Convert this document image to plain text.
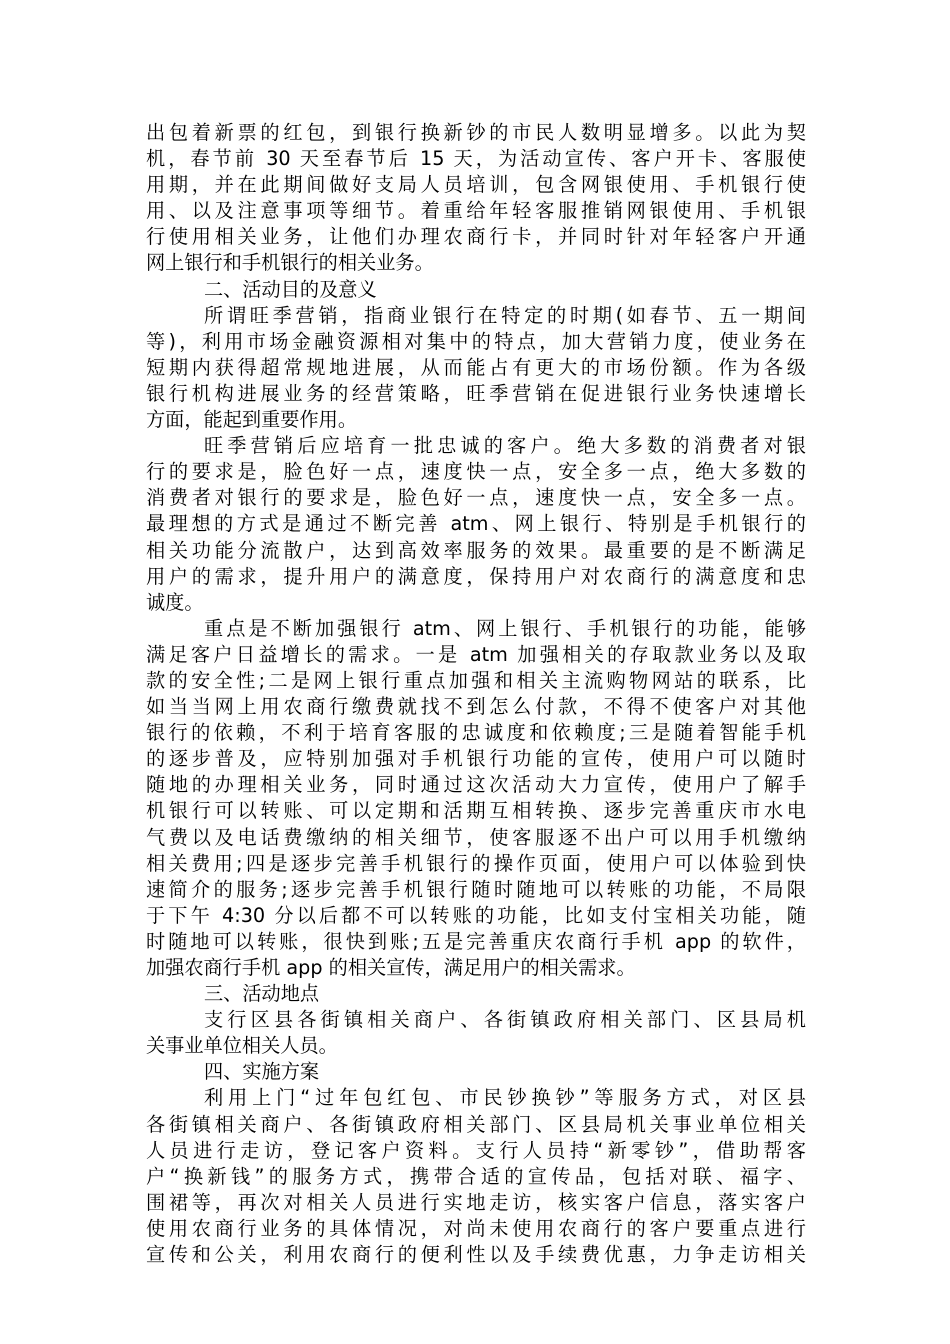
出包着新票的红包，到银行换新钞的市民人数明显增多。以此为契
机，春节前 30 天至春节后 15 天，为活动宣传、客户开卡、客服使
用期，并在此期间做好支局人员培训，包含网银使用、手机银行使
用、以及注意事项等细节。着重给年轻客服推销网银使用、手机银
行使用相关业务，让他们办理农商行卡，并同时针对年轻客户开通
网上银行和手机银行的相关业务。
二、活动目的及意义
所谓旺季营销，指商业银行在特定的时期(如春节、五一期间
等)，利用市场金融资源相对集中的特点，加大营销力度，使业务在
短期内获得超常规地进展，从而能占有更大的市场份额。作为各级
银行机构进展业务的经营策略，旺季营销在促进银行业务快速增长
方面，能起到重要作用。
旺季营销后应培育一批忠诚的客户。绝大多数的消费者对银
行的要求是，脸色好一点，速度快一点，安全多一点，绝大多数的
消费者对银行的要求是，脸色好一点，速度快一点，安全多一点。
最理想的方式是通过不断完善 atm、网上银行、特别是手机银行的
相关功能分流散户，达到高效率服务的效果。最重要的是不断满足
用户的需求，提升用户的满意度，保持用户对农商行的满意度和忠
诚度。
重点是不断加强银行 atm、网上银行、手机银行的功能，能够
满足客户日益增长的需求。一是 atm 加强相关的存取款业务以及取
款的安全性;二是网上银行重点加强和相关主流购物网站的联系，比
如当当网上用农商行缴费就找不到怎么付款，不得不使客户对其他
银行的依赖，不利于培育客服的忠诚度和依赖度;三是随着智能手机
的逐步普及，应特别加强对手机银行功能的宣传，使用户可以随时
随地的办理相关业务，同时通过这次活动大力宣传，使用户了解手
机银行可以转账、可以定期和活期互相转换、逐步完善重庆市水电
气费以及电话费缴纳的相关细节，使客服逐不出户可以用手机缴纳
相关费用;四是逐步完善手机银行的操作页面，使用户可以体验到快
速简介的服务;逐步完善手机银行随时随地可以转账的功能，不局限
于下午 4:30 分以后都不可以转账的功能，比如支付宝相关功能，随
时随地可以转账，很快到账;五是完善重庆农商行手机 app 的软件，
加强农商行手机 app 的相关宣传，满足用户的相关需求。
三、活动地点
支行区县各街镇相关商户、各街镇政府相关部门、区县局机
关事业单位相关人员。
四、实施方案
利用上门“过年包红包、市民钞换钞”等服务方式，对区县
各街镇相关商户、各街镇政府相关部门、区县局机关事业单位相关
人员进行走访，登记客户资料。支行人员持“新零钞”，借助帮客
户“换新钱”的服务方式，携带合适的宣传品，包括对联、福字、
围裙等，再次对相关人员进行实地走访，核实客户信息，落实客户
使用农商行业务的具体情况，对尚未使用农商行的客户要重点进行
宣传和公关，利用农商行的便利性以及手续费优惠，力争走访相关
